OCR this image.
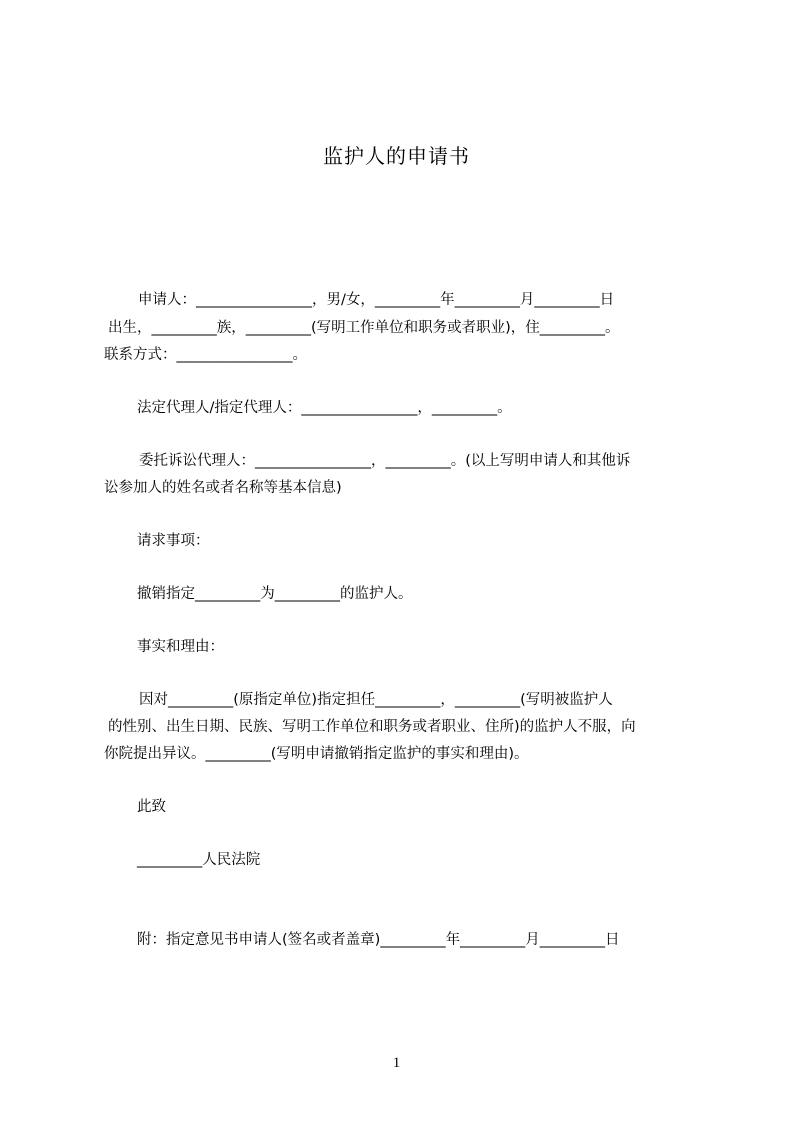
监护人的申请书
申请人：________________，男/女，_________年_________月_________日
出生，_________族，_________(写明工作单位和职务或者职业)，住_________。
联系方式：________________。
法定代理人/指定代理人：________________，_________。
委托诉讼代理人：________________，_________。(以上写明申请人和其他诉
讼参加人的姓名或者名称等基本信息)
请求事项：
撤销指定_________为_________的监护人。
事实和理由：
因对_________(原指定单位)指定担任_________，_________(写明被监护人
的性别、出生日期、民族、写明工作单位和职务或者职业、住所)的监护人不服，向
你院提出异议。_________(写明申请撤销指定监护的事实和理由)。
此致
_________人民法院
附：指定意见书申请人(签名或者盖章)_________年_________月_________日
1
